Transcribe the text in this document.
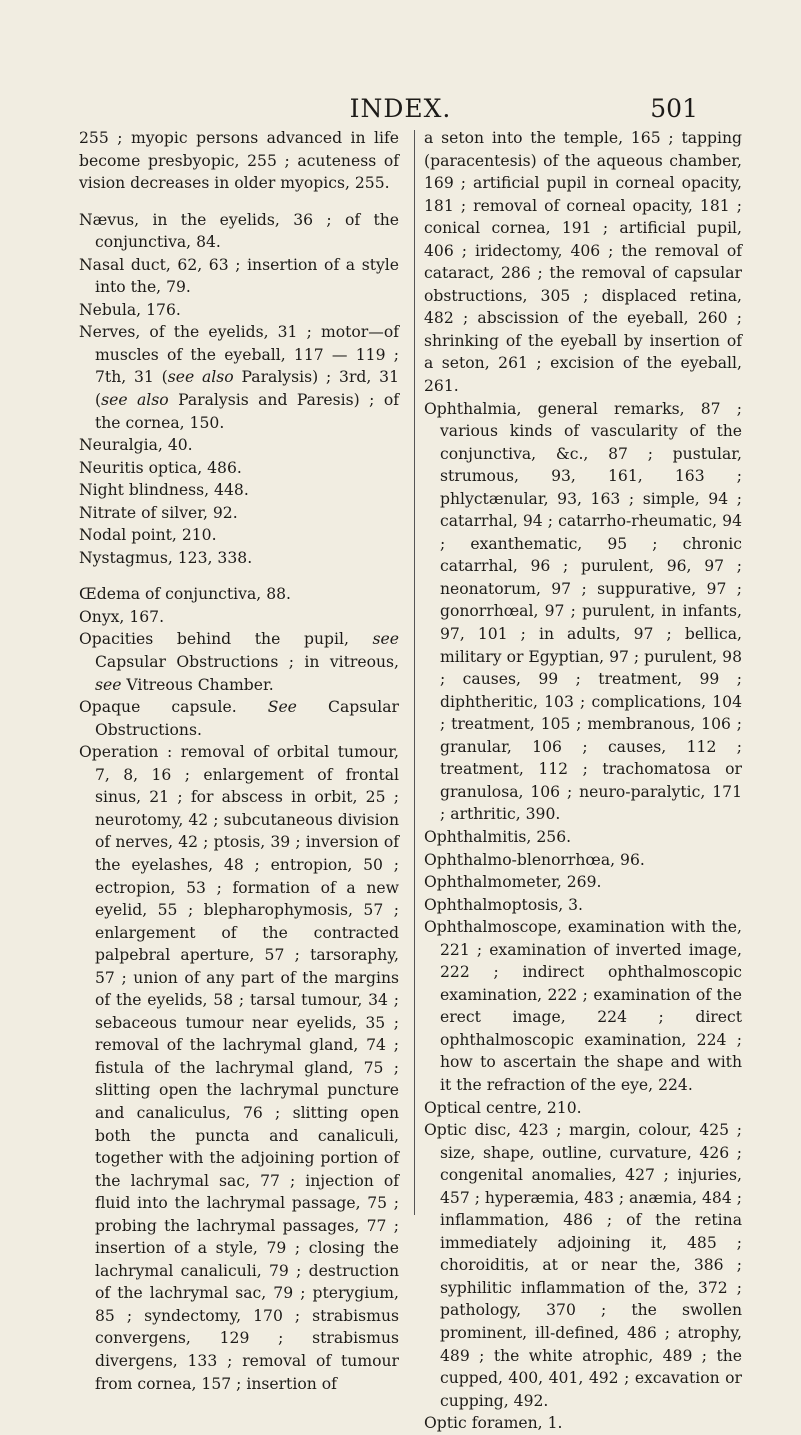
INDEX.	501

255 ; myopic persons advanced in life become presbyopic, 255 ; acuteness of vision decreases in older myopics, 255.

Nævus, in the eyelids, 36 ; of the conjunctiva, 84.

Nasal duct, 62, 63 ; insertion of a style into the, 79.

Nebula, 176.

Nerves, of the eyelids, 31 ; motor—of muscles of the eyeball, 117 — 119 ; 7th, 31 (see also Paralysis) ; 3rd, 31 (see also Paralysis and Paresis) ; of the cornea, 150.

Neuralgia, 40.

Neuritis optica, 486.

Night blindness, 448.

Nitrate of silver, 92.

Nodal point, 210.

Nystagmus, 123, 338.

Œdema of conjunctiva, 88.

Onyx, 167.

Opacities behind the pupil, see Capsular Obstructions ; in vitreous, see Vitreous Chamber.

Opaque capsule. See Capsular Obstructions.

Operation : removal of orbital tumour, 7, 8, 16 ; enlargement of frontal sinus, 21 ; for abscess in orbit, 25 ; neurotomy, 42 ; subcutaneous division of nerves, 42 ; ptosis, 39 ; inversion of the eyelashes, 48 ; entropion, 50 ; ectropion, 53 ; formation of a new eyelid, 55 ; blepharophymosis, 57 ; enlargement of the contracted palpebral aperture, 57 ; tarsoraphy, 57 ; union of any part of the margins of the eyelids, 58 ; tarsal tumour, 34 ; sebaceous tumour near eyelids, 35 ; removal of the lachrymal gland, 74 ; fistula of the lachrymal gland, 75 ; slitting open the lachrymal puncture and canaliculus, 76 ; slitting open both the puncta and canaliculi, together with the adjoining portion of the lachrymal sac, 77 ; injection of fluid into the lachrymal passage, 75 ; probing the lachrymal passages, 77 ; insertion of a style, 79 ; closing the lachrymal canaliculi, 79 ; destruction of the lachrymal sac, 79 ; pterygium, 85 ; syndectomy, 170 ; strabismus convergens, 129 ; strabismus divergens, 133 ; removal of tumour from cornea, 157 ; insertion of

a seton into the temple, 165 ; tapping (paracentesis) of the aqueous chamber, 169 ; artificial pupil in corneal opacity, 181 ; removal of corneal opacity, 181 ; conical cornea, 191 ; artificial pupil, 406 ; iridectomy, 406 ; the removal of cataract, 286 ; the removal of capsular obstructions, 305 ; displaced retina, 482 ; abscission of the eyeball, 260 ; shrinking of the eyeball by insertion of a seton, 261 ; excision of the eyeball, 261.

Ophthalmia, general remarks, 87 ; various kinds of vascularity of the conjunctiva, &c., 87 ; pustular, strumous, 93, 161, 163 ; phlyctænular, 93, 163 ; simple, 94 ; catarrhal, 94 ; catarrho-rheumatic, 94 ; exanthematic, 95 ; chronic catarrhal, 96 ; purulent, 96, 97 ; neonatorum, 97 ; suppurative, 97 ; gonorrhœal, 97 ; purulent, in infants, 97, 101 ; in adults, 97 ; bellica, military or Egyptian, 97 ; purulent, 98 ; causes, 99 ; treatment, 99 ; diphtheritic, 103 ; complications, 104 ; treatment, 105 ; membranous, 106 ; granular, 106 ; causes, 112 ; treatment, 112 ; trachomatosa or granulosa, 106 ; neuro-paralytic, 171 ; arthritic, 390.

Ophthalmitis, 256.

Ophthalmo-blenorrhœa, 96.

Ophthalmometer, 269.

Ophthalmoptosis, 3.

Ophthalmoscope, examination with the, 221 ; examination of inverted image, 222 ; indirect ophthalmoscopic examination, 222 ; examination of the erect image, 224 ; direct ophthalmoscopic examination, 224 ; how to ascertain the shape and with it the refraction of the eye, 224.

Optical centre, 210.

Optic disc, 423 ; margin, colour, 425 ; size, shape, outline, curvature, 426 ; congenital anomalies, 427 ; injuries, 457 ; hyperæmia, 483 ; anæmia, 484 ; inflammation, 486 ; of the retina immediately adjoining it, 485 ; choroiditis, at or near the, 386 ; syphilitic inflammation of the, 372 ; pathology, 370 ; the swollen prominent, ill-defined, 486 ; atrophy, 489 ; the white atrophic, 489 ; the cupped, 400, 401, 492 ; excavation or cupping, 492.

Optic foramen, 1.
